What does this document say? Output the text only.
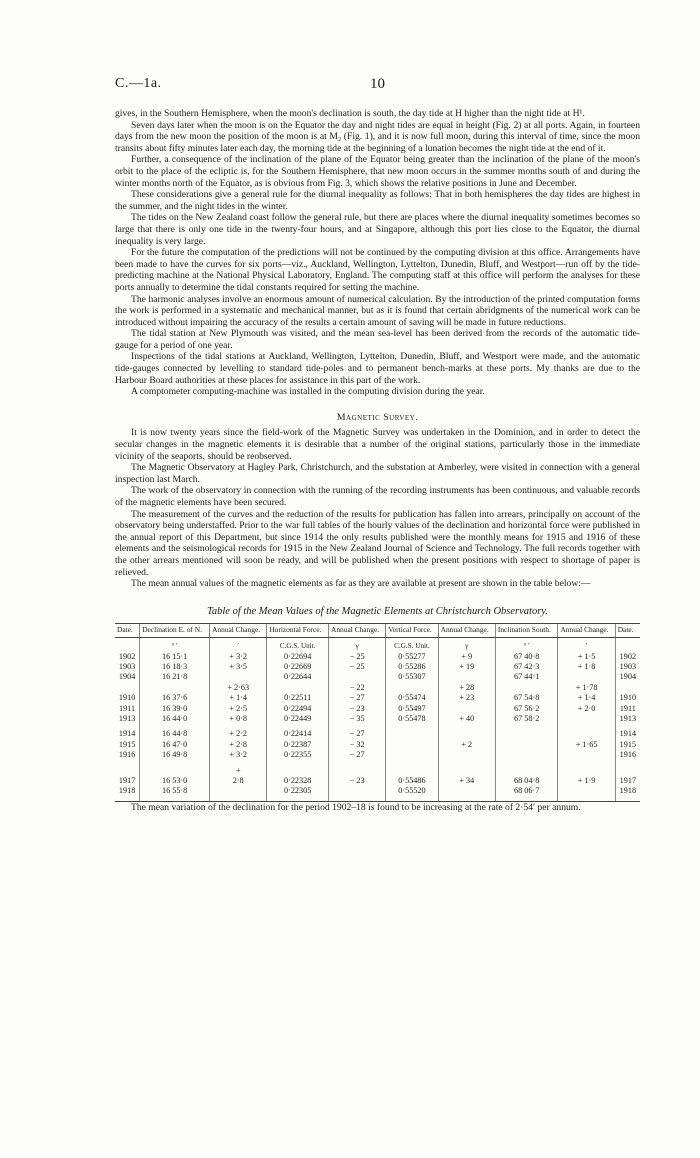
C.—1a.	10

gives, in the Southern Hemisphere, when the moon's declination is south, the day tide at H higher than the night tide at H¹.

Seven days later when the moon is on the Equator the day and night tides are equal in height (Fig. 2) at all ports. Again, in fourteen days from the new moon the position of the moon is at M₂ (Fig. 1), and it is now full moon, during this interval of time, since the moon transits about fifty minutes later each day, the morning tide at the beginning of a lunation becomes the night tide at the end of it.

Further, a consequence of the inclination of the plane of the Equator being greater than the inclination of the plane of the moon's orbit to the place of the ecliptic is, for the Southern Hemisphere, that new moon occurs in the summer months south of and during the winter months north of the Equator, as is obvious from Fig. 3, which shows the relative positions in June and December.

These considerations give a general rule for the diurnal inequality as follows: That in both hemispheres the day tides are highest in the summer, and the night tides in the winter.

The tides on the New Zealand coast follow the general rule, but there are places where the diurnal inequality sometimes becomes so large that there is only one tide in the twenty-four hours, and at Singapore, although this port lies close to the Equator, the diurnal inequality is very large.

For the future the computation of the predictions will not be continued by the computing division at this office. Arrangements have been made to have the curves for six ports—viz., Auckland, Wellington, Lyttelton, Dunedin, Bluff, and Westport—run off by the tide-predicting machine at the National Physical Laboratory, England. The computing staff at this office will perform the analyses for these ports annually to determine the tidal constants required for setting the machine.

The harmonic analyses involve an enormous amount of numerical calculation. By the introduction of the printed computation forms the work is performed in a systematic and mechanical manner, but as it is found that certain abridgments of the numerical work can be introduced without impairing the accuracy of the results a certain amount of saving will be made in future reductions.

The tidal station at New Plymouth was visited, and the mean sea-level has been derived from the records of the automatic tide-gauge for a period of one year.

Inspections of the tidal stations at Auckland, Wellington, Lyttelton, Dunedin, Bluff, and Westport were made, and the automatic tide-gauges connected by levelling to standard tide-poles and to permanent bench-marks at these ports. My thanks are due to the Harbour Board authorities at these places for assistance in this part of the work.

A comptometer computing-machine was installed in the computing division during the year.

Magnetic Survey.

It is now twenty years since the field-work of the Magnetic Survey was undertaken in the Dominion, and in order to detect the secular changes in the magnetic elements it is desirable that a number of the original stations, particularly those in the immediate vicinity of the seaports, should be reobserved.

The Magnetic Observatory at Hagley Park, Christchurch, and the substation at Amberley, were visited in connection with a general inspection last March.

The work of the observatory in connection with the running of the recording instruments has been continuous, and valuable records of the magnetic elements have been secured.

The measurement of the curves and the reduction of the results for publication has fallen into arrears, principally on account of the observatory being understaffed. Prior to the war full tables of the hourly values of the declination and horizontal force were published in the annual report of this Department, but since 1914 the only results published were the monthly means for 1915 and 1916 of these elements and the seismological records for 1915 in the New Zealand Journal of Science and Technology. The full records together with the other arrears mentioned will soon be ready, and will be published when the present positions with respect to shortage of paper is relieved.

The mean annual values of the magnetic elements as far as they are available at present are shown in the table below:—

Table of the Mean Values of the Magnetic Elements at Christchurch Observatory.
Date.	Declination E. of N.	Annual Change.	Horizontal Force.	Annual Change.	Vertical Force.	Annual Change.	Inclination South.	Annual Change.	Date.
	° ′	′	C.G.S. Unit.	γ	C.G.S. Unit.	γ	° ′	′	
1902	16 15·1	+ 3·2	0·22694	− 25	0·55277	+ 9	67 40·8	+ 1·5	1902
1903	16 18·3	+ 3·5	0·22669	− 25	0·55286	+ 19	67 42·3	+ 1·8	1903
1904	16 21·8		0·22644		0·55307		67 44·1		1904
		+ 2·63		− 22		+ 28		+ 1·78	
1910	16 37·6	+ 1·4	0·22511	− 27	0·55474	+ 23	67 54·8	+ 1·4	1910
1911	16 39·0	+ 2·5	0·22494	− 23	0·55497		67 56·2	+ 2·0	1911
1913	16 44·0	+ 0·8	0·22449	− 35	0·55478	+ 40	67 58·2		1913

1914	16 44·8	+ 2·2	0·22414	− 27					1914
1915	16 47·0	+ 2·8	0·22387	− 32		+ 2		+ 1·65	1915
1916	16 49·8	+ 3·2	0·22355	− 27					1916

		+							
1917	16 53·0	2·8	0·22328	− 23	0·55486	+ 34	68 04·8	+ 1·9	1917
1918	16 55·8		0·22305		0·55520		68 06·7		1918

The mean variation of the declination for the period 1902–18 is found to be increasing at the rate of 2·54′ per annum.
